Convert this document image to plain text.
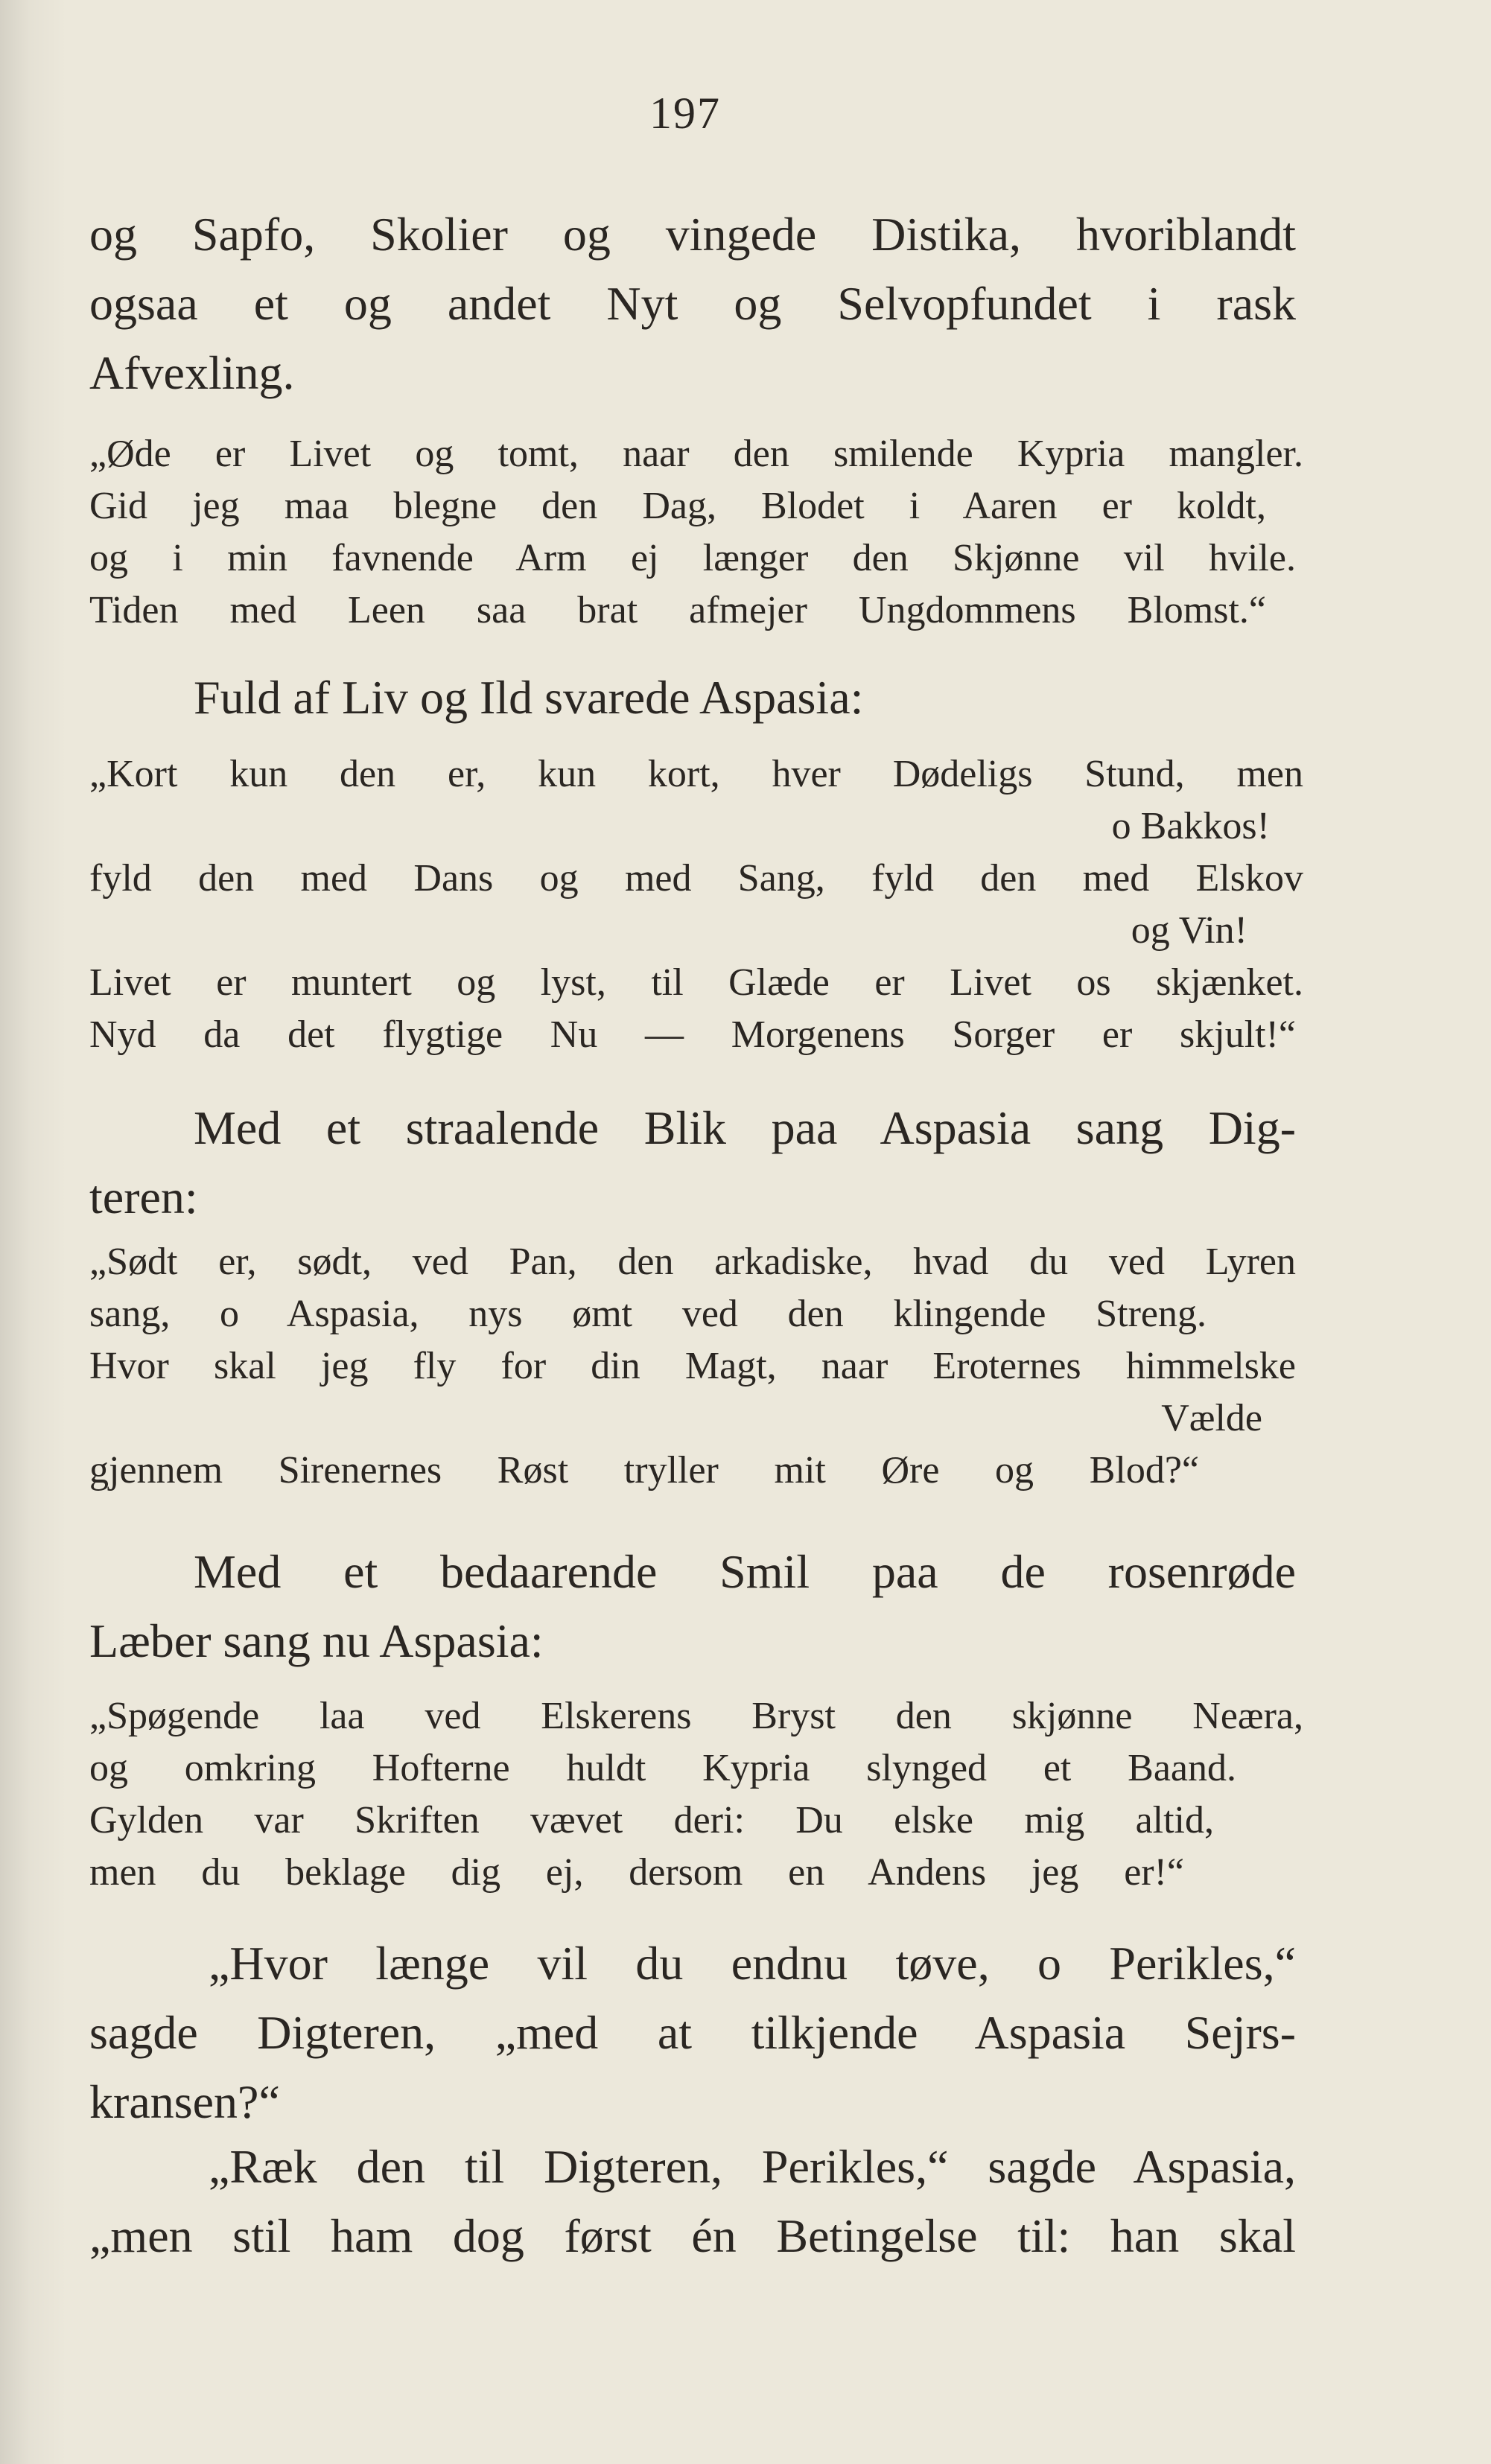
197

og Sapfo, Skolier og vingede Distika, hvoriblandt
ogsaa et og andet Nyt og Selvopfundet i rask
Afvexling.

„Øde er Livet og tomt, naar den smilende Kypria mangler.
Gid jeg maa blegne den Dag, Blodet i Aaren er koldt,
og i min favnende Arm ej længer den Skjønne vil hvile.
Tiden med Leen saa brat afmejer Ungdommens Blomst.“

Fuld af Liv og Ild svarede Aspasia:

„Kort kun den er, kun kort, hver Dødeligs Stund, men
o Bakkos!
fyld den med Dans og med Sang, fyld den med Elskov
og Vin!
Livet er muntert og lyst, til Glæde er Livet os skjænket.
Nyd da det flygtige Nu — Morgenens Sorger er skjult!“

Med et straalende Blik paa Aspasia sang Dig-
teren:

„Sødt er, sødt, ved Pan, den arkadiske, hvad du ved Lyren
sang, o Aspasia, nys ømt ved den klingende Streng.
Hvor skal jeg fly for din Magt, naar Eroternes himmelske
Vælde
gjennem Sirenernes Røst tryller mit Øre og Blod?“

Med et bedaarende Smil paa de rosenrøde
Læber sang nu Aspasia:

„Spøgende laa ved Elskerens Bryst den skjønne Neæra,
og omkring Hofterne huldt Kypria slynged et Baand.
Gylden var Skriften vævet deri: Du elske mig altid,
men du beklage dig ej, dersom en Andens jeg er!“

„Hvor længe vil du endnu tøve, o Perikles,“
sagde Digteren, „med at tilkjende Aspasia Sejrs-
kransen?“

„Ræk den til Digteren, Perikles,“ sagde Aspasia,
„men stil ham dog først én Betingelse til: han skal
